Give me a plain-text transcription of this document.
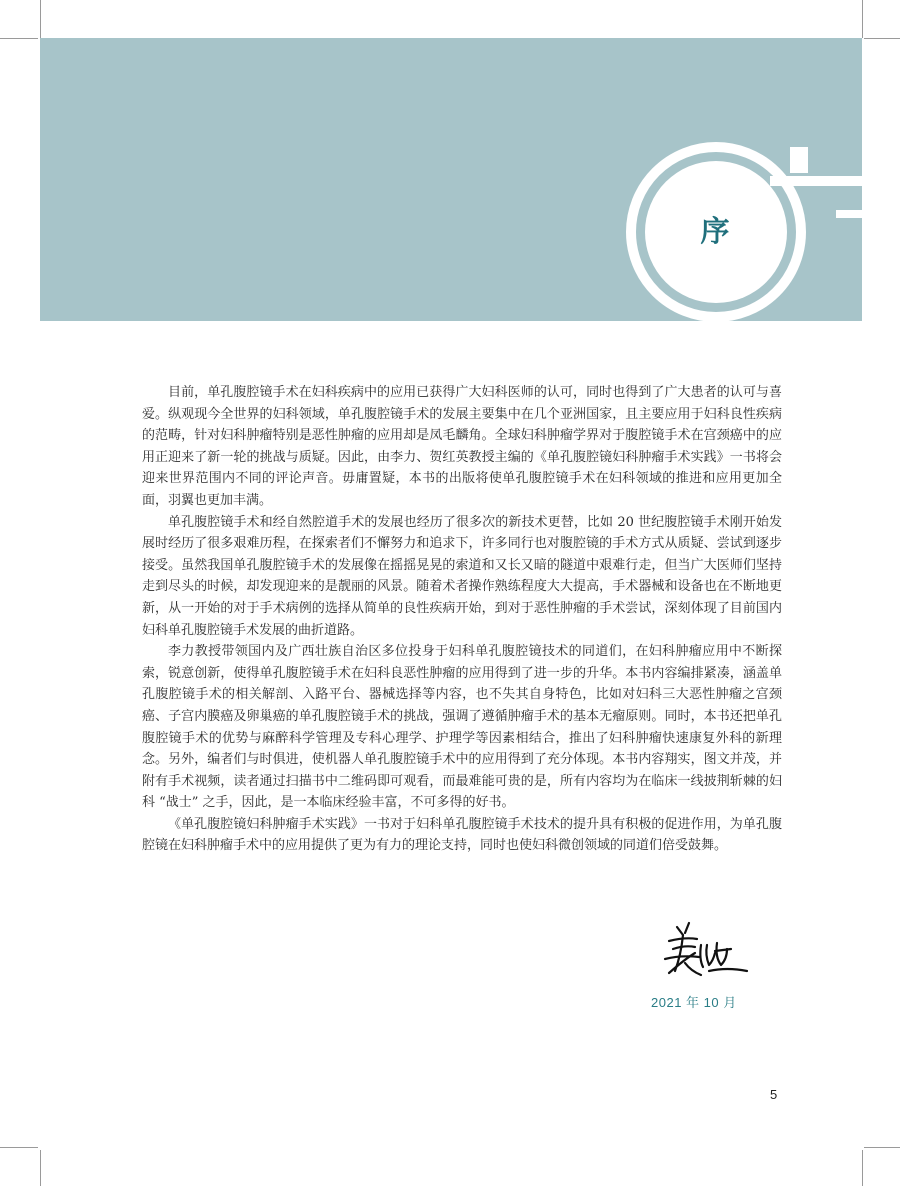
序

目前，单孔腹腔镜手术在妇科疾病中的应用已获得广大妇科医师的认可，同时也得到了广大患者的认可与喜爱。纵观现今全世界的妇科领域，单孔腹腔镜手术的发展主要集中在几个亚洲国家，且主要应用于妇科良性疾病的范畴，针对妇科肿瘤特别是恶性肿瘤的应用却是凤毛麟角。全球妇科肿瘤学界对于腹腔镜手术在宫颈癌中的应用正迎来了新一轮的挑战与质疑。因此，由李力、贺红英教授主编的《单孔腹腔镜妇科肿瘤手术实践》一书将会迎来世界范围内不同的评论声音。毋庸置疑，本书的出版将使单孔腹腔镜手术在妇科领域的推进和应用更加全面，羽翼也更加丰满。

单孔腹腔镜手术和经自然腔道手术的发展也经历了很多次的新技术更替，比如 20 世纪腹腔镜手术刚开始发展时经历了很多艰难历程，在探索者们不懈努力和追求下，许多同行也对腹腔镜的手术方式从质疑、尝试到逐步接受。虽然我国单孔腹腔镜手术的发展像在摇摇晃晃的索道和又长又暗的隧道中艰难行走，但当广大医师们坚持走到尽头的时候，却发现迎来的是靓丽的风景。随着术者操作熟练程度大大提高，手术器械和设备也在不断地更新，从一开始的对于手术病例的选择从简单的良性疾病开始，到对于恶性肿瘤的手术尝试，深刻体现了目前国内妇科单孔腹腔镜手术发展的曲折道路。

李力教授带领国内及广西壮族自治区多位投身于妇科单孔腹腔镜技术的同道们，在妇科肿瘤应用中不断探索，锐意创新，使得单孔腹腔镜手术在妇科良恶性肿瘤的应用得到了进一步的升华。本书内容编排紧凑，涵盖单孔腹腔镜手术的相关解剖、入路平台、器械选择等内容，也不失其自身特色，比如对妇科三大恶性肿瘤之宫颈癌、子宫内膜癌及卵巢癌的单孔腹腔镜手术的挑战，强调了遵循肿瘤手术的基本无瘤原则。同时，本书还把单孔腹腔镜手术的优势与麻醉科学管理及专科心理学、护理学等因素相结合，推出了妇科肿瘤快速康复外科的新理念。另外，编者们与时俱进，使机器人单孔腹腔镜手术中的应用得到了充分体现。本书内容翔实，图文并茂，并附有手术视频，读者通过扫描书中二维码即可观看，而最难能可贵的是，所有内容均为在临床一线披荆斩棘的妇科 “战士” 之手，因此，是一本临床经验丰富，不可多得的好书。

《单孔腹腔镜妇科肿瘤手术实践》一书对于妇科单孔腹腔镜手术技术的提升具有积极的促进作用，为单孔腹腔镜在妇科肿瘤手术中的应用提供了更为有力的理论支持，同时也使妇科微创领域的同道们倍受鼓舞。

2021 年 10 月
5
